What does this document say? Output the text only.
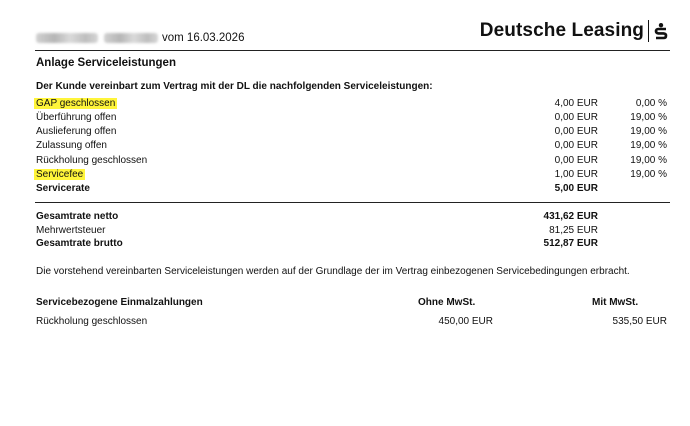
vom 16.03.2026	Deutsche Leasing
Anlage Serviceleistungen
Der Kunde vereinbart zum Vertrag mit der DL die nachfolgenden Serviceleistungen:
GAP geschlossen	4,00 EUR	0,00 %
Überführung offen	0,00 EUR	19,00 %
Auslieferung offen	0,00 EUR	19,00 %
Zulassung offen	0,00 EUR	19,00 %
Rückholung geschlossen	0,00 EUR	19,00 %
Servicefee	1,00 EUR	19,00 %
Servicerate	5,00 EUR
Gesamtrate netto	431,62 EUR
Mehrwertsteuer	81,25 EUR
Gesamtrate brutto	512,87 EUR
Die vorstehend vereinbarten Serviceleistungen werden auf der Grundlage der im Vertrag einbezogenen Servicebedingungen erbracht.
Servicebezogene Einmalzahlungen	Ohne MwSt.	Mit MwSt.
Rückholung geschlossen	450,00 EUR	535,50 EUR
